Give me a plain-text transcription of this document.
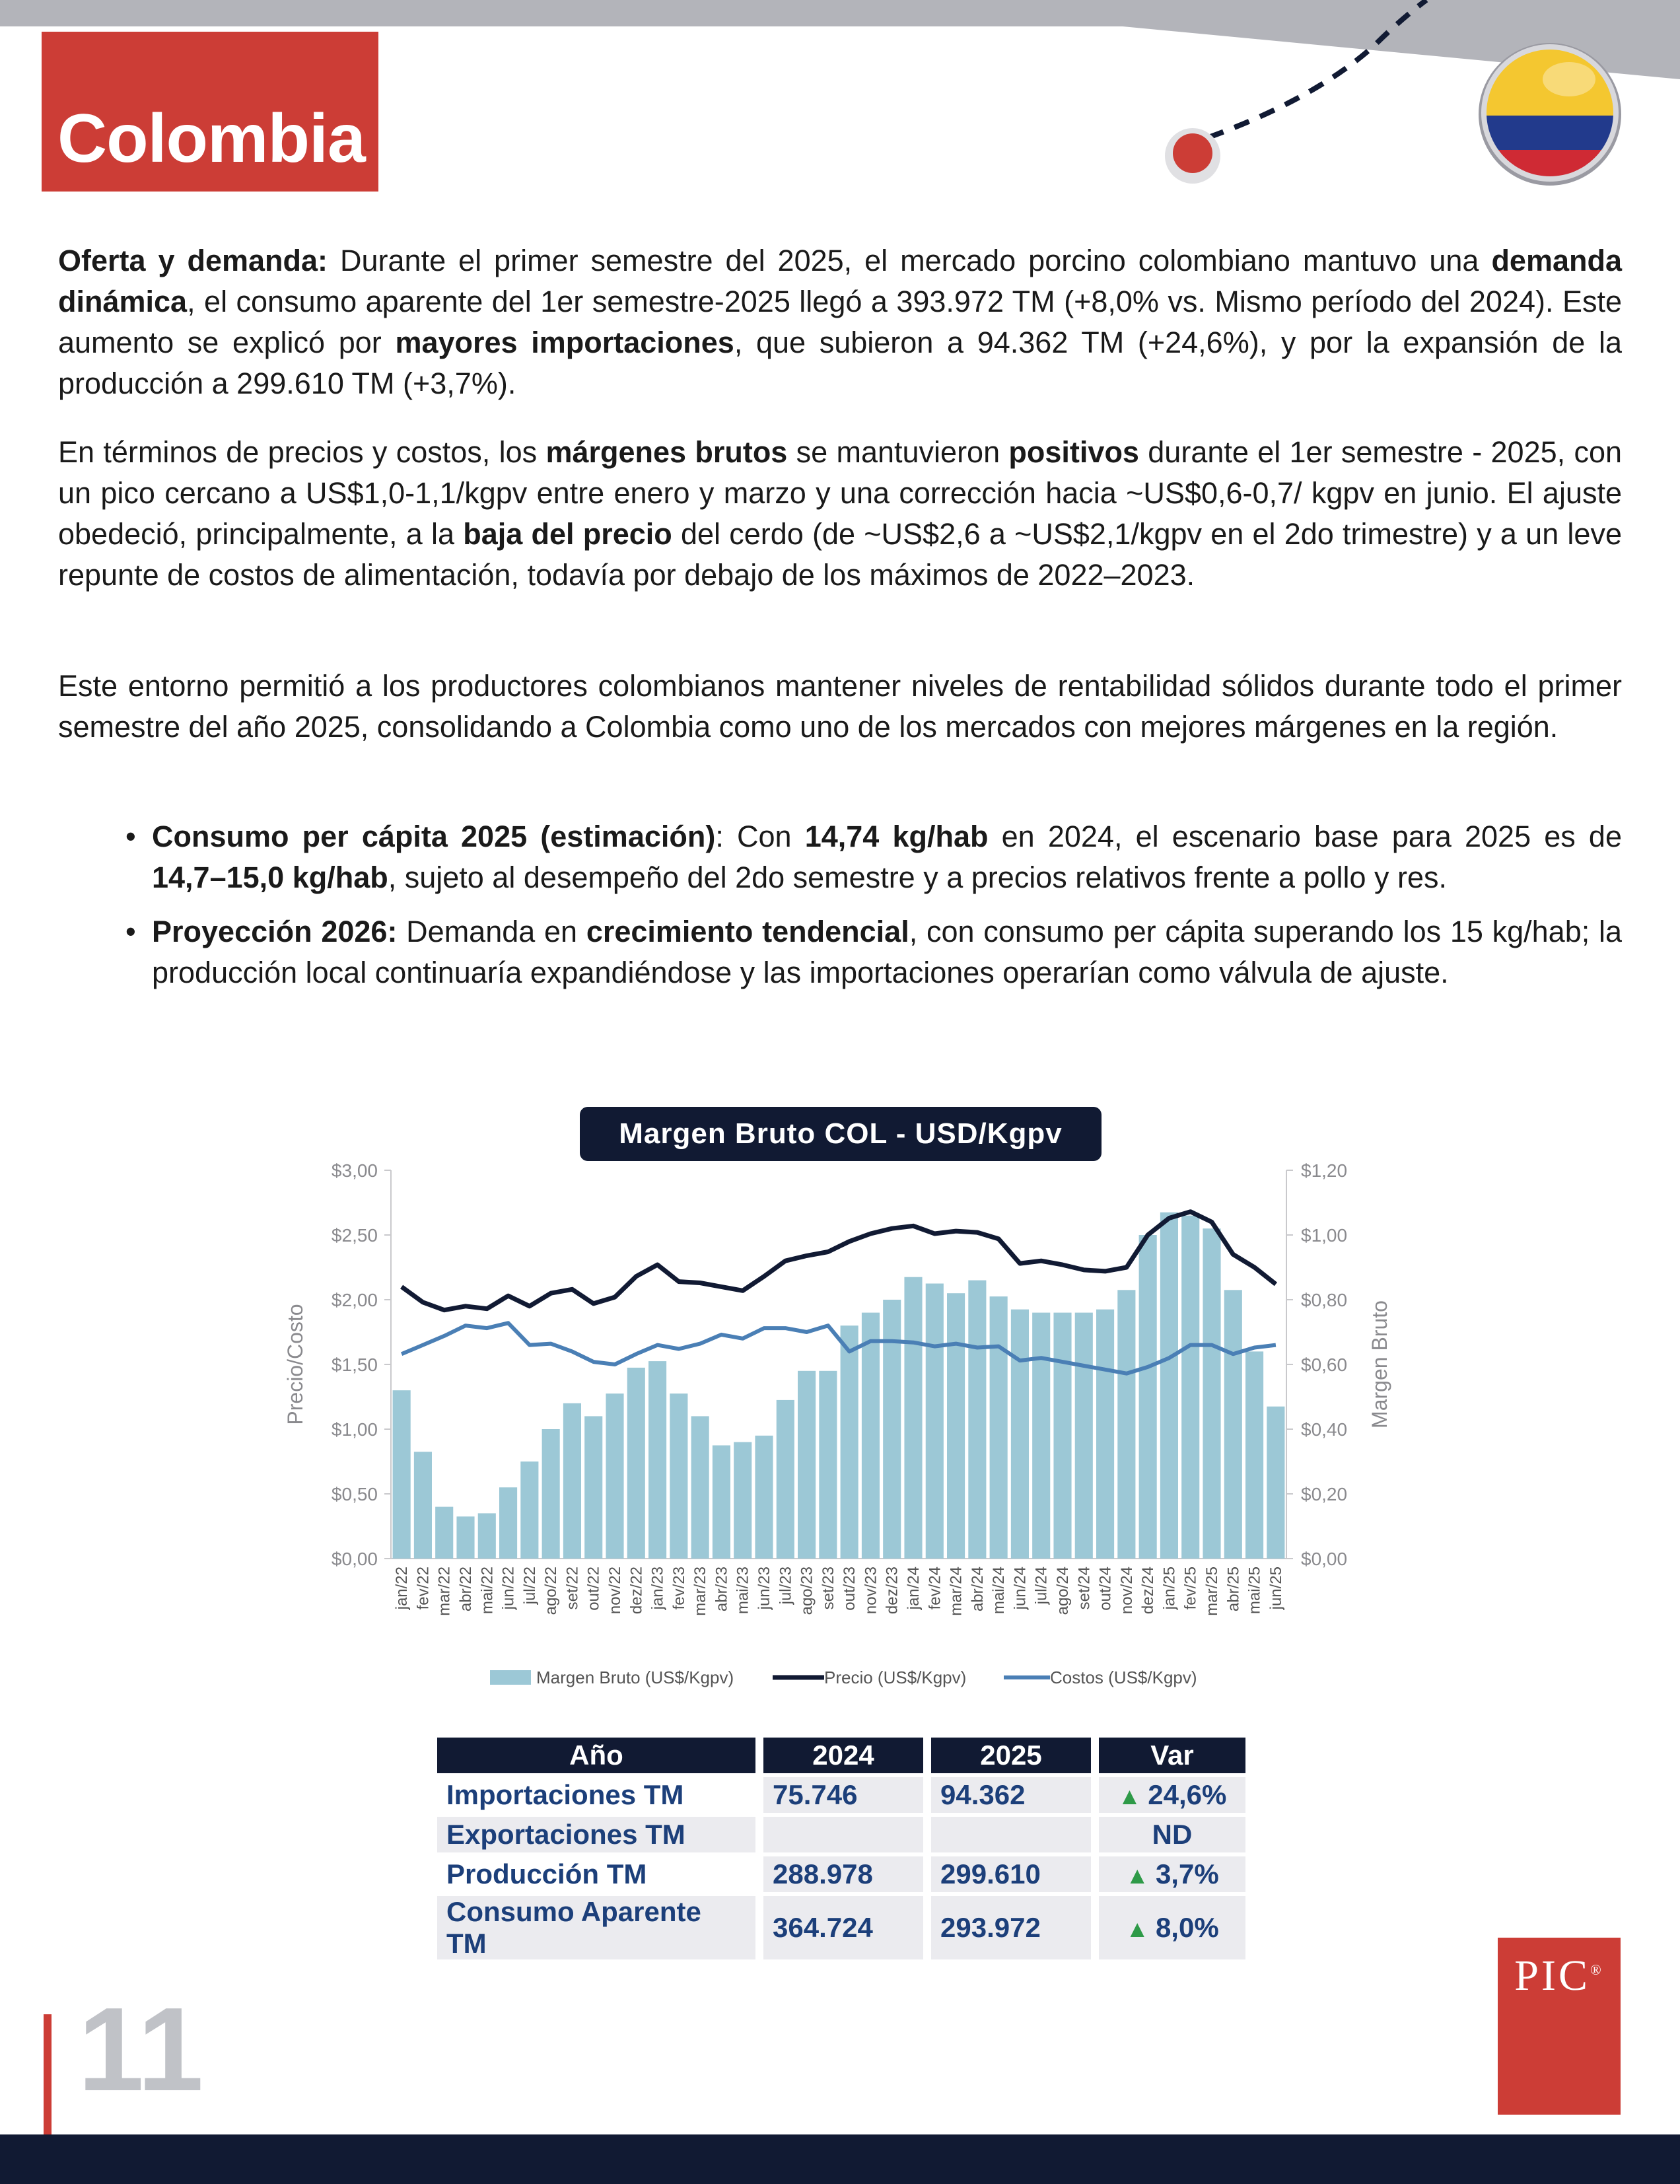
Colombia
Oferta y demanda: Durante el primer semestre del 2025, el mercado porcino colombiano mantuvo una demanda dinámica, el consumo aparente del 1er semestre-2025 llegó a 393.972 TM (+8,0% vs. Mismo período del 2024). Este aumento se explicó por mayores importaciones, que subieron a 94.362 TM (+24,6%), y por la expansión de la producción a 299.610 TM (+3,7%).
En términos de precios y costos, los márgenes brutos se mantuvieron positivos durante el 1er semestre - 2025, con un pico cercano a US$1,0-1,1/kgpv entre enero y marzo y una corrección hacia ~US$0,6-0,7/ kgpv en junio. El ajuste obedeció, principalmente, a la baja del precio del cerdo (de ~US$2,6 a ~US$2,1/kgpv en el 2do trimestre) y a un leve repunte de costos de alimentación, todavía por debajo de los máximos de 2022–2023.
Este entorno permitió a los productores colombianos mantener niveles de rentabilidad sólidos durante todo el primer semestre del año 2025, consolidando a Colombia como uno de los mercados con mejores márgenes en la región.
• Consumo per cápita 2025 (estimación): Con 14,74 kg/hab en 2024, el escenario base para 2025 es de 14,7–15,0 kg/hab, sujeto al desempeño del 2do semestre y a precios relativos frente a pollo y res.
• Proyección 2026: Demanda en crecimiento tendencial, con consumo per cápita superando los 15 kg/hab; la producción local continuaría expandiéndose y las importaciones operarían como válvula de ajuste.
Margen Bruto COL - USD/Kgpv
$0,00
$0,50
$1,00
$1,50
$2,00
$2,50
$3,00
$0,00
$0,20
$0,40
$0,60
$0,80
$1,00
$1,20
Precio/Costo	Margen Bruto
jan/22 fev/22 mar/22 abr/22 mai/22 jun/22 jul/22 ago/22 set/22 out/22 nov/22 dez/22 jan/23 fev/23 mar/23 abr/23 mai/23 jun/23 jul/23 ago/23 set/23 out/23 nov/23 dez/23 jan/24 fev/24 mar/24 abr/24 mai/24 jun/24 jul/24 ago/24 set/24 out/24 nov/24 dez/24 jan/25 fev/25 mar/25 abr/25 mai/25 jun/25
Margen Bruto (US$/Kgpv)	Precio (US$/Kgpv)	Costos (US$/Kgpv)
Año	2024	2025	Var
Importaciones TM	75.746	94.362	▲ 24,6%
Exportaciones TM			ND
Producción TM	288.978	299.610	▲ 3,7%
Consumo Aparente TM	364.724	293.972	▲ 8,0%
PIC®
11
